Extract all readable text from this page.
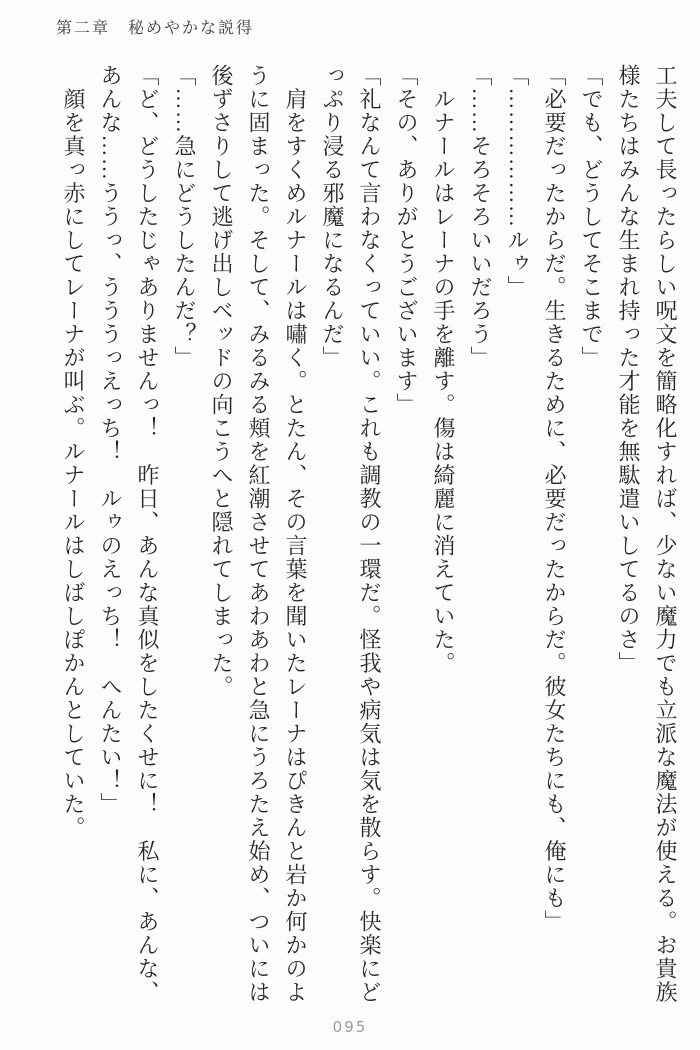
第二章　秘めやかな説得
工夫して長ったらしい呪文を簡略化すれば、少ない魔力でも立派な魔法が使える。お貴族
様たちはみんな生まれ持った才能を無駄遣いしてるのさ」
「でも、どうしてそこまで」
「必要だったからだ。生きるために、必要だったからだ。彼女たちにも、俺にも」
「………………ルゥ」
「……そろそろいいだろう」
　ルナールはレーナの手を離す。傷は綺麗に消えていた。
「その、ありがとうございます」
「礼なんて言わなくっていい。これも調教の一環だ。怪我や病気は気を散らす。快楽にど
っぷり浸る邪魔になるんだ」
　肩をすくめルナールは嘯く。とたん、その言葉を聞いたレーナはぴきんと岩か何かのよ
うに固まった。そして、みるみる頬を紅潮させてあわあわと急にうろたえ始め、ついには
後ずさりして逃げ出しベッドの向こうへと隠れてしまった。
「……急にどうしたんだ？」
「ど、どうしたじゃありませんっ！　昨日、あんな真似をしたくせに！　私に、あんな、
あんな……ううっ、うううっえっち！　ルゥのえっち！　へんたい！」
　顔を真っ赤にしてレーナが叫ぶ。ルナールはしばしぽかんとしていた。
095
